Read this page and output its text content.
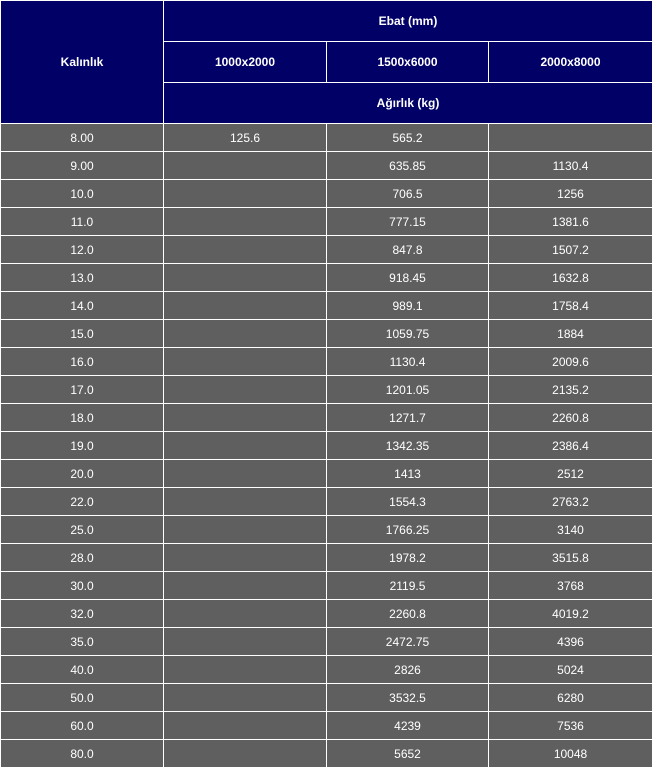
Kalınlık	Ebat (mm)		
	1000x2000	1500x6000	2000x8000
	Ağırlık (kg)		
8.00	125.6	565.2	
9.00		635.85	1130.4
10.0		706.5	1256
11.0		777.15	1381.6
12.0		847.8	1507.2
13.0		918.45	1632.8
14.0		989.1	1758.4
15.0		1059.75	1884
16.0		1130.4	2009.6
17.0		1201.05	2135.2
18.0		1271.7	2260.8
19.0		1342.35	2386.4
20.0		1413	2512
22.0		1554.3	2763.2
25.0		1766.25	3140
28.0		1978.2	3515.8
30.0		2119.5	3768
32.0		2260.8	4019.2
35.0		2472.75	4396
40.0		2826	5024
50.0		3532.5	6280
60.0		4239	7536
80.0		5652	10048
